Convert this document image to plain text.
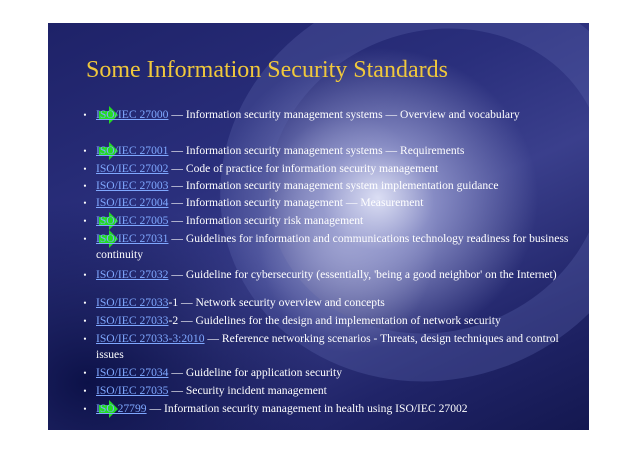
Some Information Security Standards
• ISO/IEC 27000 — Information security management systems — Overview and vocabulary
• ISO/IEC 27001 — Information security management systems — Requirements
• ISO/IEC 27002 — Code of practice for information security management
• ISO/IEC 27003 — Information security management system implementation guidance
• ISO/IEC 27004 — Information security management — Measurement
• ISO/IEC 27005 — Information security risk management
• ISO/IEC 27031 — Guidelines for information and communications technology readiness for business continuity
• ISO/IEC 27032 — Guideline for cybersecurity (essentially, 'being a good neighbor' on the Internet)
• ISO/IEC 27033-1 — Network security overview and concepts
• ISO/IEC 27033-2 — Guidelines for the design and implementation of network security
• ISO/IEC 27033-3:2010 — Reference networking scenarios - Threats, design techniques and control issues
• ISO/IEC 27034 — Guideline for application security
• ISO/IEC 27035 — Security incident management
• ISO 27799 — Information security management in health using ISO/IEC 27002
